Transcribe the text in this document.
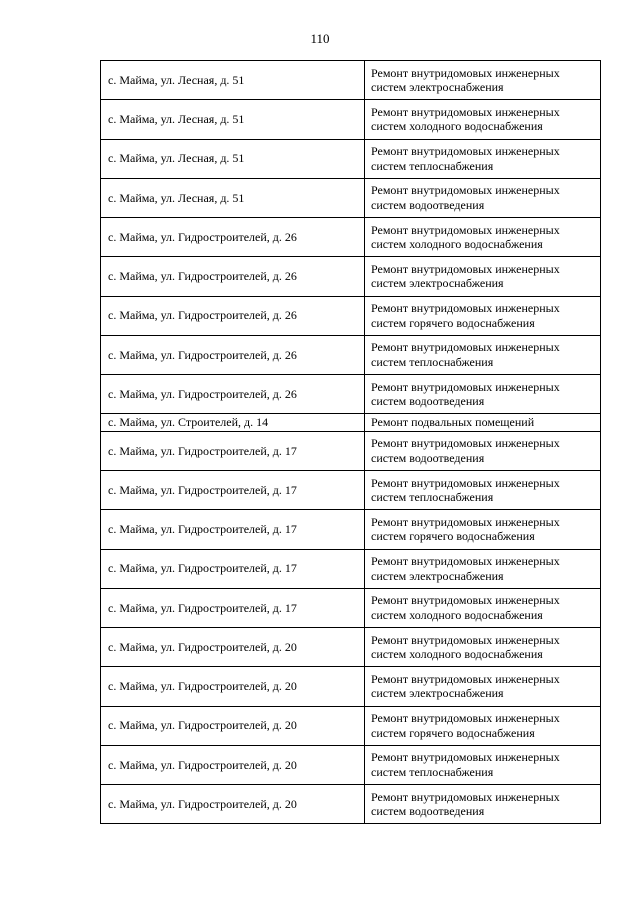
110
с. Майма, ул. Лесная, д. 51	Ремонт внутридомовых инженерных систем электроснабжения
с. Майма, ул. Лесная, д. 51	Ремонт внутридомовых инженерных систем холодного водоснабжения
с. Майма, ул. Лесная, д. 51	Ремонт внутридомовых инженерных систем теплоснабжения
с. Майма, ул. Лесная, д. 51	Ремонт внутридомовых инженерных систем водоотведения
с. Майма, ул. Гидростроителей, д. 26	Ремонт внутридомовых инженерных систем холодного водоснабжения
с. Майма, ул. Гидростроителей, д. 26	Ремонт внутридомовых инженерных систем электроснабжения
с. Майма, ул. Гидростроителей, д. 26	Ремонт внутридомовых инженерных систем горячего водоснабжения
с. Майма, ул. Гидростроителей, д. 26	Ремонт внутридомовых инженерных систем теплоснабжения
с. Майма, ул. Гидростроителей, д. 26	Ремонт внутридомовых инженерных систем водоотведения
с. Майма, ул. Строителей, д. 14	Ремонт подвальных помещений
с. Майма, ул. Гидростроителей, д. 17	Ремонт внутридомовых инженерных систем водоотведения
с. Майма, ул. Гидростроителей, д. 17	Ремонт внутридомовых инженерных систем теплоснабжения
с. Майма, ул. Гидростроителей, д. 17	Ремонт внутридомовых инженерных систем горячего водоснабжения
с. Майма, ул. Гидростроителей, д. 17	Ремонт внутридомовых инженерных систем электроснабжения
с. Майма, ул. Гидростроителей, д. 17	Ремонт внутридомовых инженерных систем холодного водоснабжения
с. Майма, ул. Гидростроителей, д. 20	Ремонт внутридомовых инженерных систем холодного водоснабжения
с. Майма, ул. Гидростроителей, д. 20	Ремонт внутридомовых инженерных систем электроснабжения
с. Майма, ул. Гидростроителей, д. 20	Ремонт внутридомовых инженерных систем горячего водоснабжения
с. Майма, ул. Гидростроителей, д. 20	Ремонт внутридомовых инженерных систем теплоснабжения
с. Майма, ул. Гидростроителей, д. 20	Ремонт внутридомовых инженерных систем водоотведения
